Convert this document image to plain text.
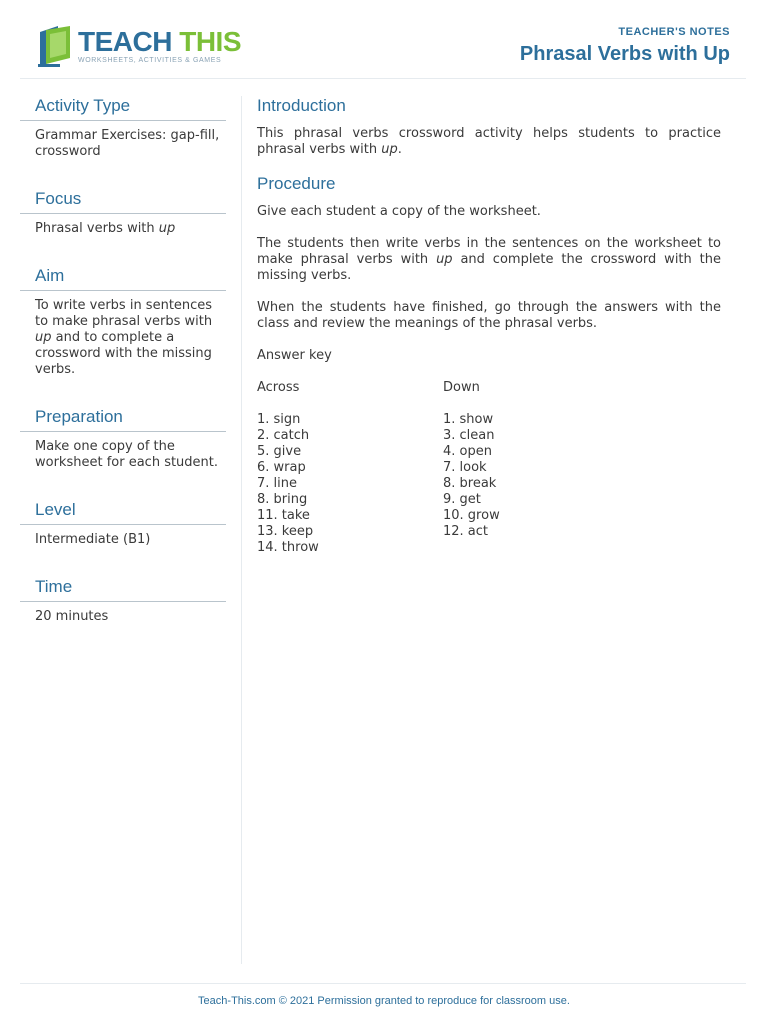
TEACH THIS
WORKSHEETS, ACTIVITIES & GAMES
TEACHER'S NOTES
Phrasal Verbs with Up
Activity Type
Grammar Exercises: gap-fill, crossword
Focus
Phrasal verbs with up
Aim
To write verbs in sentences to make phrasal verbs with up and to complete a crossword with the missing verbs.
Preparation
Make one copy of the worksheet for each student.
Level
Intermediate (B1)
Time
20 minutes
Introduction

This phrasal verbs crossword activity helps students to practice phrasal verbs with up.

Procedure

Give each student a copy of the worksheet.

The students then write verbs in the sentences on the worksheet to make phrasal verbs with up and complete the crossword with the missing verbs.

When the students have finished, go through the answers with the class and review the meanings of the phrasal verbs.

Answer key
Across
1. sign
2. catch
5. give
6. wrap
7. line
8. bring
11. take
13. keep
14. throw
Down
1. show
3. clean
4. open
7. look
8. break
9. get
10. grow
12. act
Teach-This.com © 2021 Permission granted to reproduce for classroom use.
